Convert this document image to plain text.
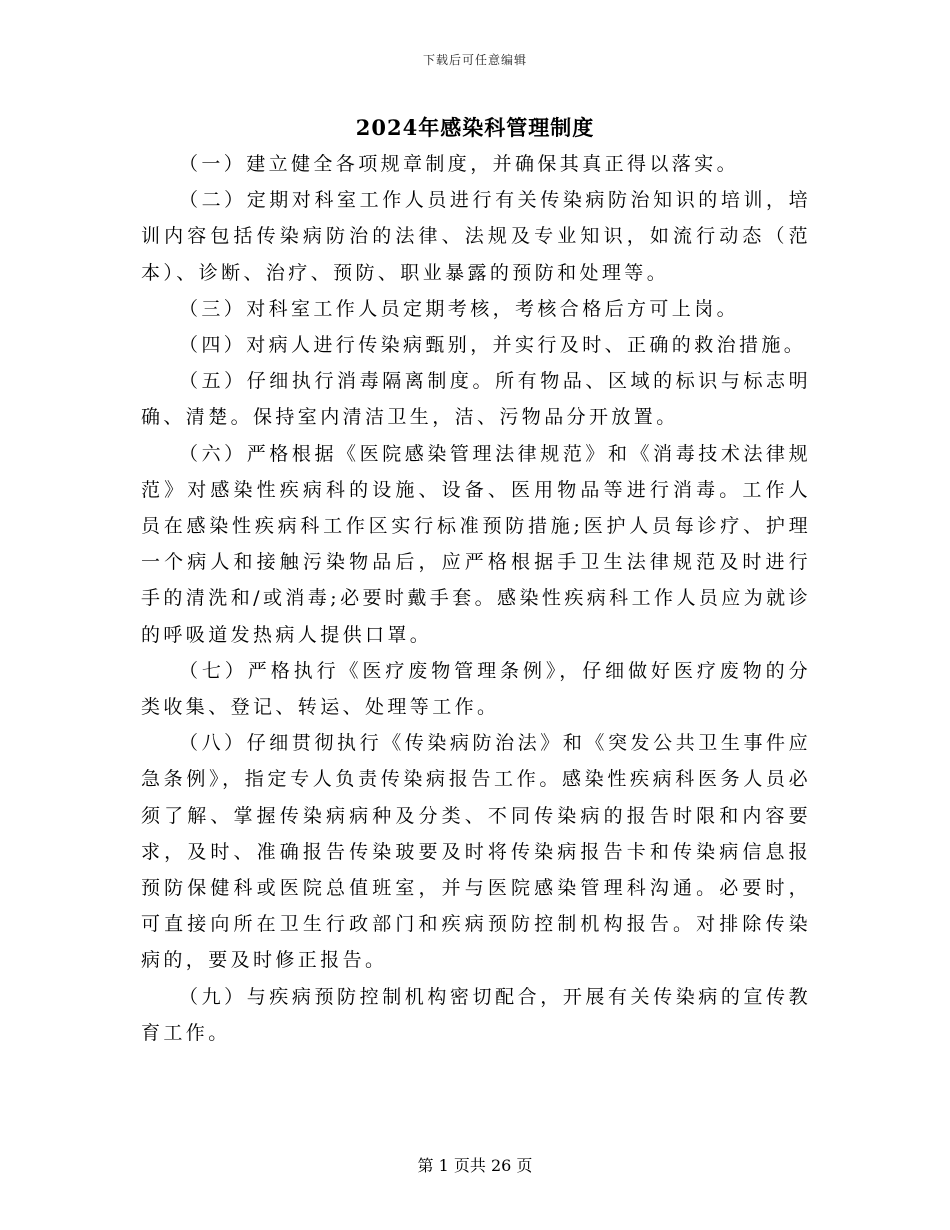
下载后可任意编辑
2024年感染科管理制度

（一）建立健全各项规章制度，并确保其真正得以落实。

（二）定期对科室工作人员进行有关传染病防治知识的培训，培训内容包括传染病防治的法律、法规及专业知识，如流行动态（范本）、诊断、治疗、预防、职业暴露的预防和处理等。

（三）对科室工作人员定期考核，考核合格后方可上岗。

（四）对病人进行传染病甄别，并实行及时、正确的救治措施。

（五）仔细执行消毒隔离制度。所有物品、区域的标识与标志明确、清楚。保持室内清洁卫生，洁、污物品分开放置。

（六）严格根据《医院感染管理法律规范》和《消毒技术法律规范》对感染性疾病科的设施、设备、医用物品等进行消毒。工作人员在感染性疾病科工作区实行标准预防措施;医护人员每诊疗、护理一个病人和接触污染物品后，应严格根据手卫生法律规范及时进行手的清洗和/或消毒;必要时戴手套。感染性疾病科工作人员应为就诊的呼吸道发热病人提供口罩。

（七）严格执行《医疗废物管理条例》，仔细做好医疗废物的分类收集、登记、转运、处理等工作。

（八）仔细贯彻执行《传染病防治法》和《突发公共卫生事件应急条例》，指定专人负责传染病报告工作。感染性疾病科医务人员必须了解、掌握传染病病种及分类、不同传染病的报告时限和内容要求，及时、准确报告传染玻要及时将传染病报告卡和传染病信息报预防保健科或医院总值班室，并与医院感染管理科沟通。必要时，可直接向所在卫生行政部门和疾病预防控制机构报告。对排除传染病的，要及时修正报告。

（九）与疾病预防控制机构密切配合，开展有关传染病的宣传教育工作。

第 1 页共 26 页
